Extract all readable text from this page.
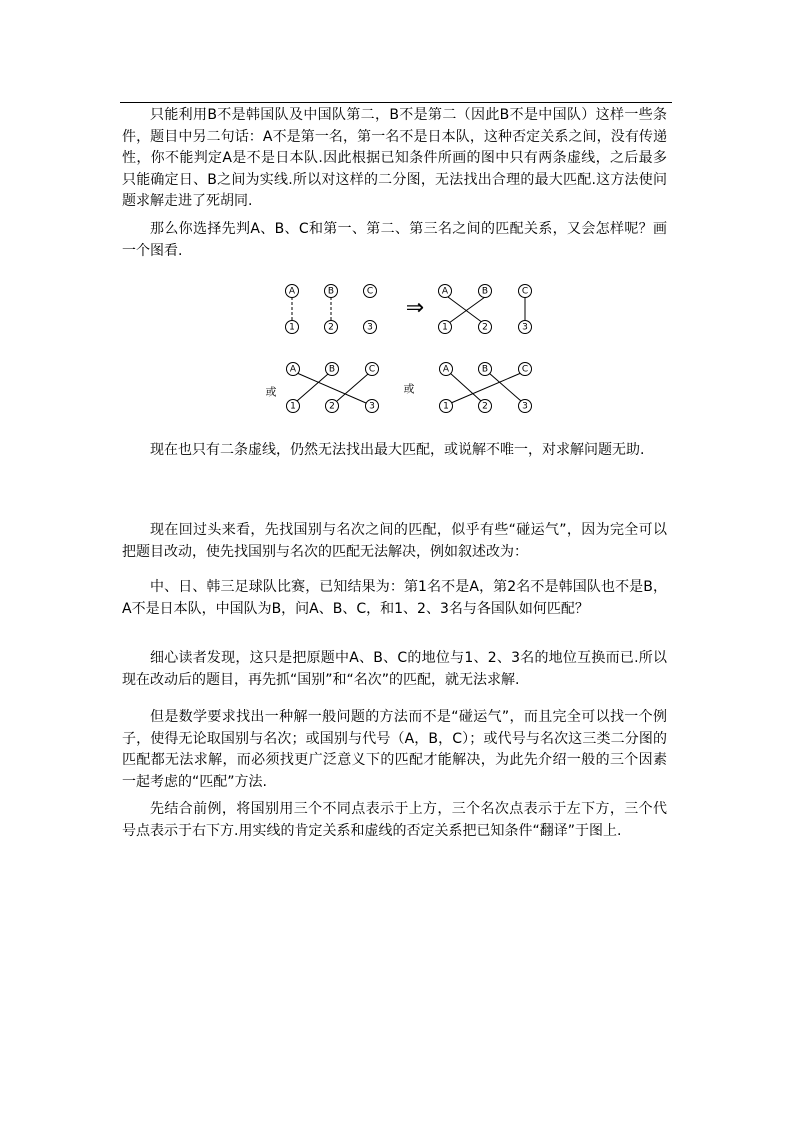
只能利用B不是韩国队及中国队第二，B不是第二（因此B不是中国队）这样一些条件，题目中另二句话：A不是第一名，第一名不是日本队，这种否定关系之间，没有传递性，你不能判定A是不是日本队.因此根据已知条件所画的图中只有两条虚线，之后最多只能确定日、B之间为实线.所以对这样的二分图，无法找出合理的最大匹配.这方法使问题求解走进了死胡同.

那么你选择先判A、B、C和第一、第二、第三名之间的匹配关系，又会怎样呢？画一个图看.

A	B	C
1	2	3
⇒
A	B	C
1	2	3
或
A	B	C
1	2	3
或
A	B	C
1	2	3

现在也只有二条虚线，仍然无法找出最大匹配，或说解不唯一，对求解问题无助.

现在回过头来看，先找国别与名次之间的匹配，似乎有些“碰运气”，因为完全可以把题目改动，使先找国别与名次的匹配无法解决，例如叙述改为：

中、日、韩三足球队比赛，已知结果为：第1名不是A，第2名不是韩国队也不是B，A不是日本队，中国队为B，问A、B、C，和1、2、3名与各国队如何匹配？

细心读者发现，这只是把原题中A、B、C的地位与1、2、3名的地位互换而已.所以现在改动后的题目，再先抓“国别”和“名次”的匹配，就无法求解.

但是数学要求找出一种解一般问题的方法而不是“碰运气”，而且完全可以找一个例子，使得无论取国别与名次；或国别与代号（A，B，C）；或代号与名次这三类二分图的匹配都无法求解，而必须找更广泛意义下的匹配才能解决，为此先介绍一般的三个因素一起考虑的“匹配”方法.

先结合前例，将国别用三个不同点表示于上方，三个名次点表示于左下方，三个代号点表示于右下方.用实线的肯定关系和虚线的否定关系把已知条件“翻译”于图上.
